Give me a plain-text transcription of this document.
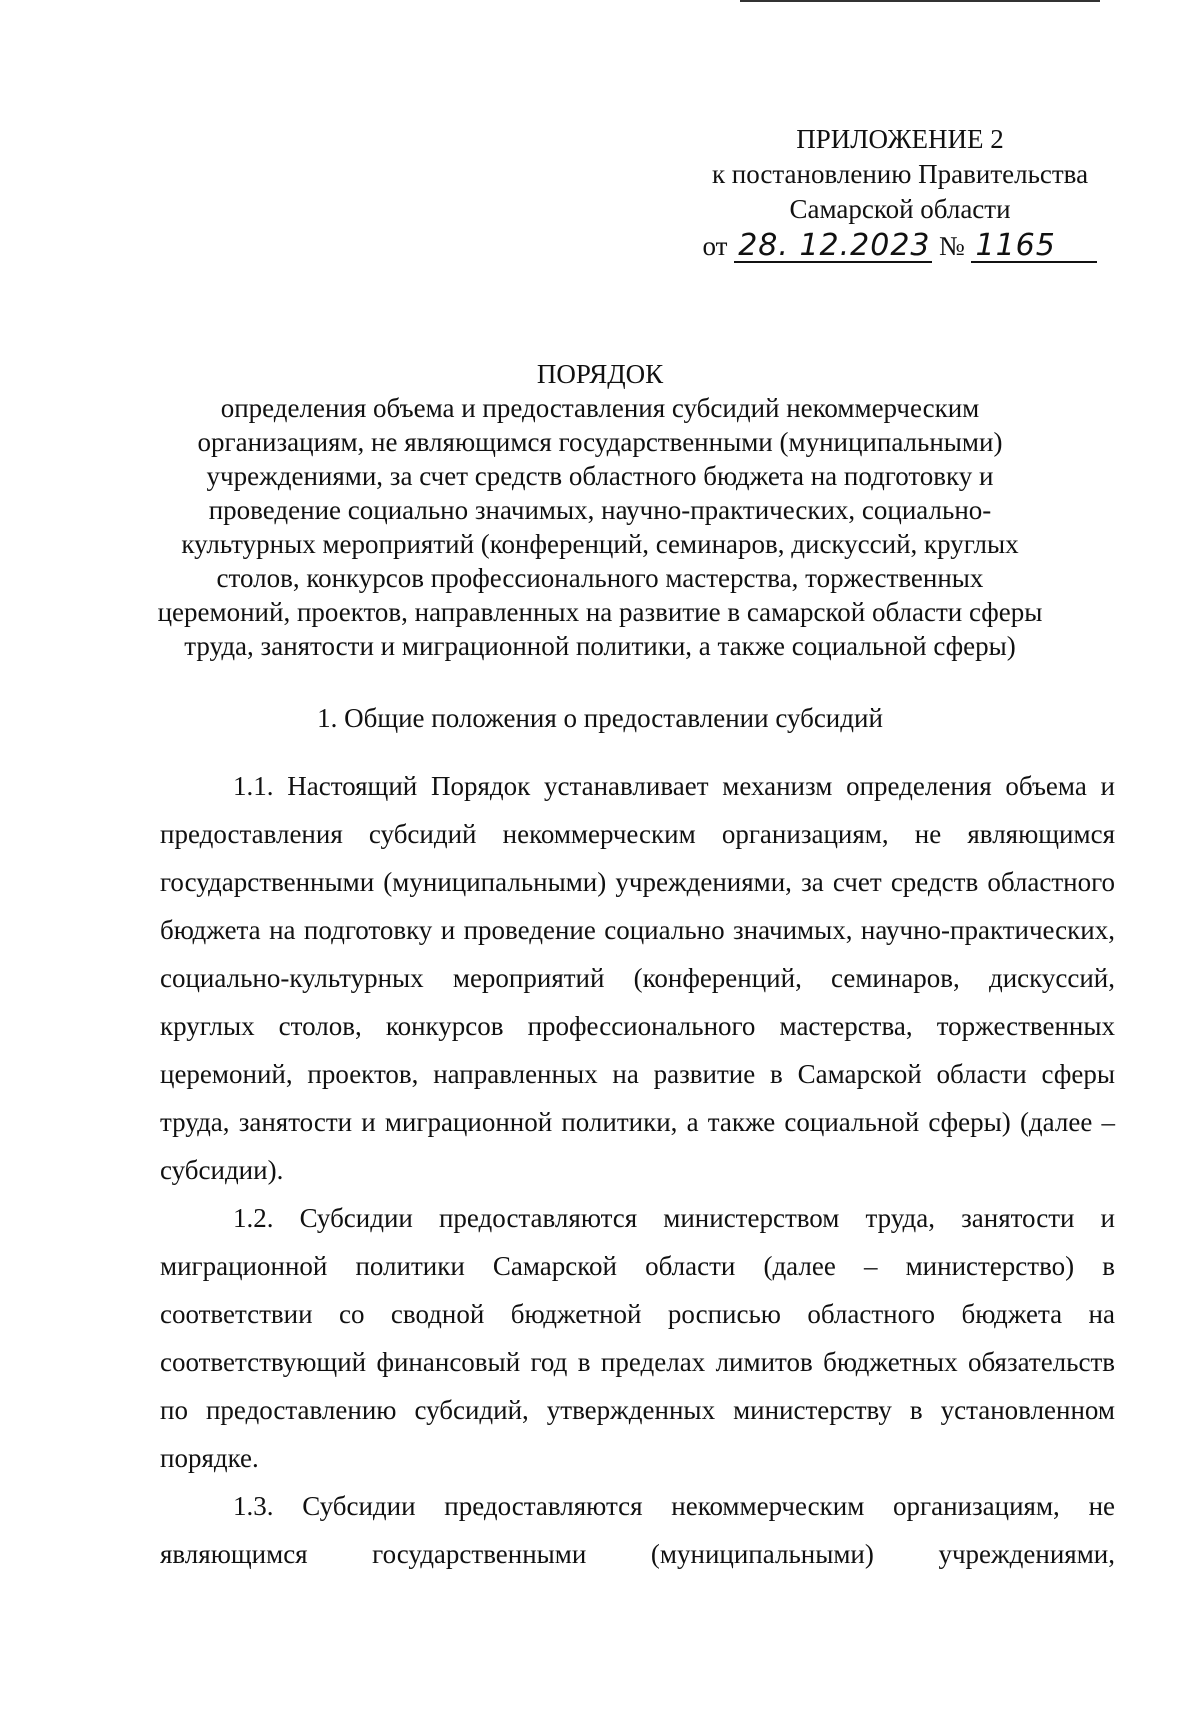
ПРИЛОЖЕНИЕ 2
к постановлению Правительства
Самарской области
от 28. 12.2023 № 1165
ПОРЯДОК
определения объема и предоставления субсидий некоммерческим организациям, не являющимся государственными (муниципальными) учреждениями, за счет средств областного бюджета на подготовку и проведение социально значимых, научно-практических, социально-культурных мероприятий (конференций, семинаров, дискуссий, круглых столов, конкурсов профессионального мастерства, торжественных церемоний, проектов, направленных на развитие в самарской области сферы труда, занятости и миграционной политики, а также социальной сферы)
1. Общие положения о предоставлении субсидий

1.1. Настоящий Порядок устанавливает механизм определения объема и предоставления субсидий некоммерческим организациям, не являющимся государственными (муниципальными) учреждениями, за счет средств областного бюджета на подготовку и проведение социально значимых, научно-практических, социально-культурных мероприятий (конференций, семинаров, дискуссий, круглых столов, конкурсов профессионального мастерства, торжественных церемоний, проектов, направленных на развитие в Самарской области сферы труда, занятости и миграционной политики, а также социальной сферы) (далее – субсидии).

1.2. Субсидии предоставляются министерством труда, занятости и миграционной политики Самарской области (далее – министерство) в соответствии со сводной бюджетной росписью областного бюджета на соответствующий финансовый год в пределах лимитов бюджетных обязательств по предоставлению субсидий, утвержденных министерству в установленном порядке.

1.3. Субсидии предоставляются некоммерческим организациям, не являющимся государственными (муниципальными) учреждениями,
